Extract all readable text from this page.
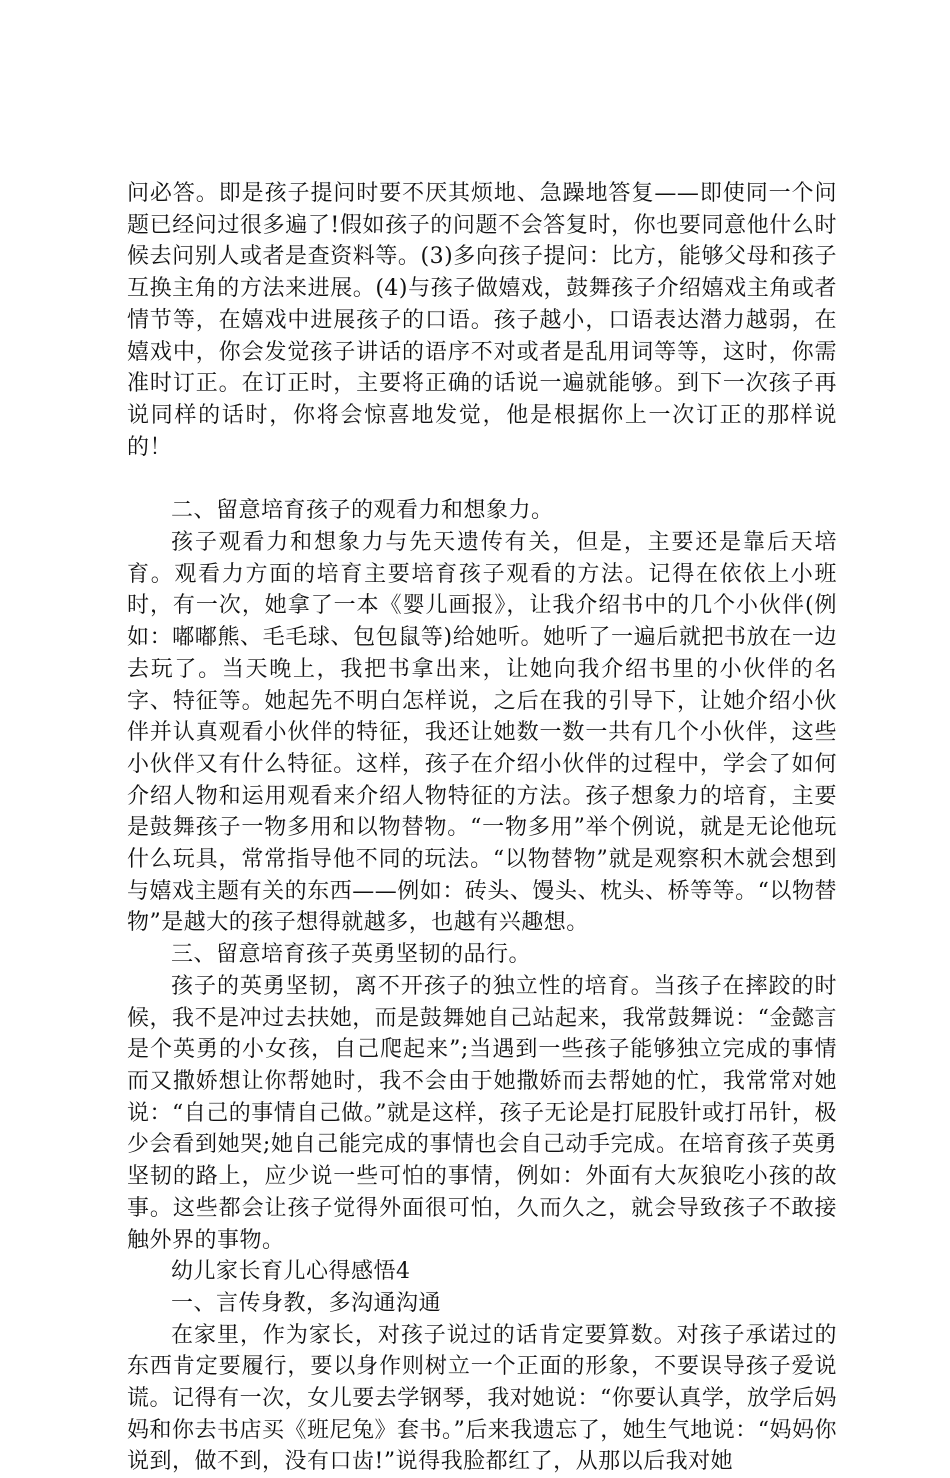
问必答。即是孩子提问时要不厌其烦地、急躁地答复——即使同一个问题已经问过很多遍了!假如孩子的问题不会答复时，你也要同意他什么时候去问别人或者是查资料等。(3)多向孩子提问：比方，能够父母和孩子互换主角的方法来进展。(4)与孩子做嬉戏，鼓舞孩子介绍嬉戏主角或者情节等，在嬉戏中进展孩子的口语。孩子越小，口语表达潜力越弱，在嬉戏中，你会发觉孩子讲话的语序不对或者是乱用词等等，这时，你需准时订正。在订正时，主要将正确的话说一遍就能够。到下一次孩子再说同样的话时，你将会惊喜地发觉，他是根据你上一次订正的那样说的！

二、留意培育孩子的观看力和想象力。

孩子观看力和想象力与先天遗传有关，但是，主要还是靠后天培育。观看力方面的培育主要培育孩子观看的方法。记得在依依上小班时，有一次，她拿了一本《婴儿画报》，让我介绍书中的几个小伙伴(例如：嘟嘟熊、毛毛球、包包鼠等)给她听。她听了一遍后就把书放在一边去玩了。当天晚上，我把书拿出来，让她向我介绍书里的小伙伴的名字、特征等。她起先不明白怎样说，之后在我的引导下，让她介绍小伙伴并认真观看小伙伴的特征，我还让她数一数一共有几个小伙伴，这些小伙伴又有什么特征。这样，孩子在介绍小伙伴的过程中，学会了如何介绍人物和运用观看来介绍人物特征的方法。孩子想象力的培育，主要是鼓舞孩子一物多用和以物替物。“一物多用”举个例说，就是无论他玩什么玩具，常常指导他不同的玩法。“以物替物”就是观察积木就会想到与嬉戏主题有关的东西——例如：砖头、馒头、枕头、桥等等。“以物替物”是越大的孩子想得就越多，也越有兴趣想。

三、留意培育孩子英勇坚韧的品行。

孩子的英勇坚韧，离不开孩子的独立性的培育。当孩子在摔跤的时候，我不是冲过去扶她，而是鼓舞她自己站起来，我常鼓舞说：“金懿言是个英勇的小女孩，自己爬起来”;当遇到一些孩子能够独立完成的事情而又撒娇想让你帮她时，我不会由于她撒娇而去帮她的忙，我常常对她说：“自己的事情自己做。”就是这样，孩子无论是打屁股针或打吊针，极少会看到她哭;她自己能完成的事情也会自己动手完成。在培育孩子英勇坚韧的路上，应少说一些可怕的事情，例如：外面有大灰狼吃小孩的故事。这些都会让孩子觉得外面很可怕，久而久之，就会导致孩子不敢接触外界的事物。

幼儿家长育儿心得感悟4

一、言传身教，多沟通沟通

在家里，作为家长，对孩子说过的话肯定要算数。对孩子承诺过的东西肯定要履行，要以身作则树立一个正面的形象，不要误导孩子爱说谎。记得有一次，女儿要去学钢琴，我对她说：“你要认真学，放学后妈妈和你去书店买《班尼兔》套书。”后来我遗忘了，她生气地说：“妈妈你说到，做不到，没有口齿!”说得我脸都红了，从那以后我对她
